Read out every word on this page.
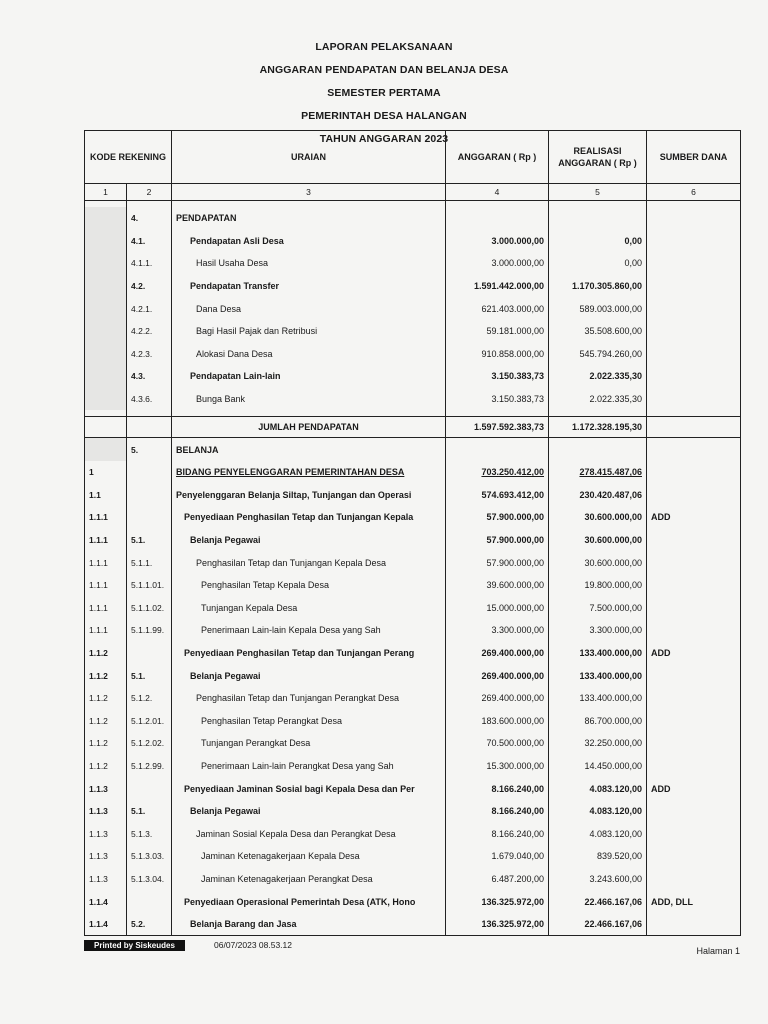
LAPORAN PELAKSANAAN
ANGGARAN PENDAPATAN DAN BELANJA DESA
SEMESTER PERTAMA
PEMERINTAH DESA HALANGAN
TAHUN ANGGARAN 2023
KODE REKENING		URAIAN	ANGGARAN ( Rp )	REALISASI ANGGARAN ( Rp )	SUMBER DANA
1	2	3	4	5	6

	4.	PENDAPATAN			
	4.1.	Pendapatan Asli Desa	3.000.000,00	0,00	
	4.1.1.	Hasil Usaha Desa	3.000.000,00	0,00	
	4.2.	Pendapatan Transfer	1.591.442.000,00	1.170.305.860,00	
	4.2.1.	Dana Desa	621.403.000,00	589.003.000,00	
	4.2.2.	Bagi Hasil Pajak dan Retribusi	59.181.000,00	35.508.600,00	
	4.2.3.	Alokasi Dana Desa	910.858.000,00	545.794.260,00	
	4.3.	Pendapatan Lain-lain	3.150.383,73	2.022.335,30	
	4.3.6.	Bunga Bank	3.150.383,73	2.022.335,30	

		JUMLAH PENDAPATAN	1.597.592.383,73	1.172.328.195,30	
	5.	BELANJA			
1		BIDANG PENYELENGGARAN PEMERINTAHAN DESA	703.250.412,00	278.415.487,06	
1.1		Penyelenggaran Belanja Siltap, Tunjangan dan Operasi	574.693.412,00	230.420.487,06	
1.1.1		Penyediaan Penghasilan Tetap dan Tunjangan Kepala	57.900.000,00	30.600.000,00	ADD
1.1.1	5.1.	Belanja Pegawai	57.900.000,00	30.600.000,00	
1.1.1	5.1.1.	Penghasilan Tetap dan Tunjangan Kepala Desa	57.900.000,00	30.600.000,00	
1.1.1	5.1.1.01.	Penghasilan Tetap Kepala Desa	39.600.000,00	19.800.000,00	
1.1.1	5.1.1.02.	Tunjangan Kepala Desa	15.000.000,00	7.500.000,00	
1.1.1	5.1.1.99.	Penerimaan Lain-lain Kepala Desa yang Sah	3.300.000,00	3.300.000,00	
1.1.2		Penyediaan Penghasilan Tetap dan Tunjangan Perang	269.400.000,00	133.400.000,00	ADD
1.1.2	5.1.	Belanja Pegawai	269.400.000,00	133.400.000,00	
1.1.2	5.1.2.	Penghasilan Tetap dan Tunjangan Perangkat Desa	269.400.000,00	133.400.000,00	
1.1.2	5.1.2.01.	Penghasilan Tetap Perangkat Desa	183.600.000,00	86.700.000,00	
1.1.2	5.1.2.02.	Tunjangan Perangkat Desa	70.500.000,00	32.250.000,00	
1.1.2	5.1.2.99.	Penerimaan Lain-lain Perangkat Desa yang Sah	15.300.000,00	14.450.000,00	
1.1.3		Penyediaan Jaminan Sosial bagi Kepala Desa dan Per	8.166.240,00	4.083.120,00	ADD
1.1.3	5.1.	Belanja Pegawai	8.166.240,00	4.083.120,00	
1.1.3	5.1.3.	Jaminan Sosial Kepala Desa dan Perangkat Desa	8.166.240,00	4.083.120,00	
1.1.3	5.1.3.03.	Jaminan Ketenagakerjaan Kepala Desa	1.679.040,00	839.520,00	
1.1.3	5.1.3.04.	Jaminan Ketenagakerjaan Perangkat Desa	6.487.200,00	3.243.600,00	
1.1.4		Penyediaan Operasional Pemerintah Desa (ATK, Hono	136.325.972,00	22.466.167,06	ADD, DLL
1.1.4	5.2.	Belanja Barang dan Jasa	136.325.972,00	22.466.167,06	
Printed by Siskeudes	06/07/2023 08.53.12
Halaman 1
